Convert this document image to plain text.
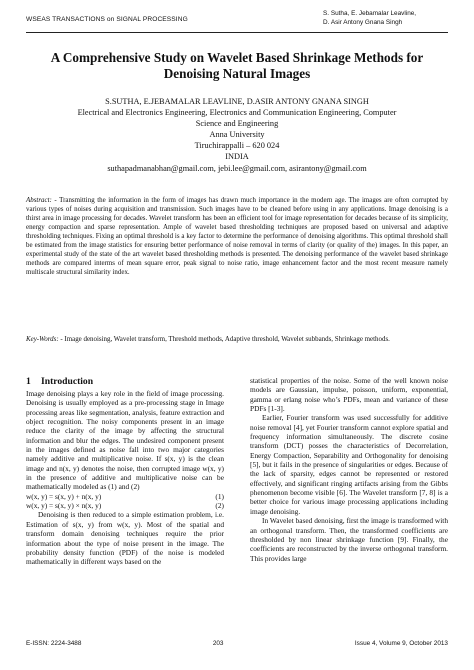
WSEAS TRANSACTIONS on SIGNAL PROCESSING
S. Sutha, E. Jebamalar Leavline,
D. Asir Antony Gnana Singh
A Comprehensive Study on Wavelet Based Shrinkage Methods for
Denoising Natural Images
S.SUTHA, E.JEBAMALAR LEAVLINE, D.ASIR ANTONY GNANA SINGH
Electrical and Electronics Engineering, Electronics and Communication Engineering, Computer
Science and Engineering
Anna University
Tiruchirappalli – 620 024
INDIA
suthapadmanabhan@gmail.com, jebi.lee@gmail.com, asirantony@gmail.com
Abstract: - Transmitting the information in the form of images has drawn much importance in the modern age. The images are often corrupted by various types of noises during acquisition and transmission. Such images have to be cleaned before using in any applications. Image denoising is a thirst area in image processing for decades. Wavelet transform has been an efficient tool for image representation for decades because of its simplicity, energy compaction and sparse representation. Ample of wavelet based thresholding techniques are proposed based on universal and adaptive thresholding techniques. Fixing an optimal threshold is a key factor to determine the performance of denoising algorithms. This optimal threshold shall be estimated from the image statistics for ensuring better performance of noise removal in terms of clarity (or quality of the) images. In this paper, an experimental study of the state of the art wavelet based thresholding methods is presented. The denoising performance of the wavelet based shrinkage methods are compared interms of mean square error, peak signal to noise ratio, image enhancement factor and the most recent measure namely multiscale structural similarity index.
Key-Words: - Image denoising, Wavelet transform, Threshold methods, Adaptive threshold, Wavelet subbands, Shrinkage methods.
1 Introduction

Image denoising plays a key role in the field of image processing. Denoising is usually employed as a pre-processing stage in Image processing areas like segmentation, analysis, feature extraction and object recognition. The noisy components present in an image reduce the clarity of the image by affecting the structural information and blur the edges. The undesired component present in the images defined as noise fall into two major categories namely additive and multiplicative noise. If s(x, y) is the clean image and n(x, y) denotes the noise, then corrupted image w(x, y) in the presence of additive and multiplicative noise can be mathematically modeled as (1) and (2)

w(x, y) = s(x, y) + n(x, y)	(1)
w(x, y) = s(x, y) × n(x, y)	(2)

Denoising is then reduced to a simple estimation problem, i.e. Estimation of s(x, y) from w(x, y). Most of the spatial and transform domain denoising techniques require the prior information about the type of noise present in the image. The probability density function (PDF) of the noise is modeled mathematically in different ways based on the

statistical properties of the noise. Some of the well known noise models are Gaussian, impulse, poisson, uniform, exponential, gamma or erlang noise who’s PDFs, mean and variance of these PDFs [1-3].

Earlier, Fourier transform was used successfully for additive noise removal [4], yet Fourier transform cannot explore spatial and frequency information simultaneously. The discrete cosine transform (DCT) posses the characteristics of Decorrelation, Energy Compaction, Separability and Orthogonality for denoising [5], but it fails in the presence of singularities or edges. Because of the lack of sparsity, edges cannot be represented or restored effectively, and significant ringing artifacts arising from the Gibbs phenomenon become visible [6]. The Wavelet transform [7, 8] is a better choice for various image processing applications including image denoising.

In Wavelet based denoising, first the image is transformed with an orthogonal transform. Then, the transformed coefficients are thresholded by non linear shrinkage function [9]. Finally, the coefficients are reconstructed by the inverse orthogonal transform. This provides large

E-ISSN: 2224-3488	203	Issue 4, Volume 9, October 2013
